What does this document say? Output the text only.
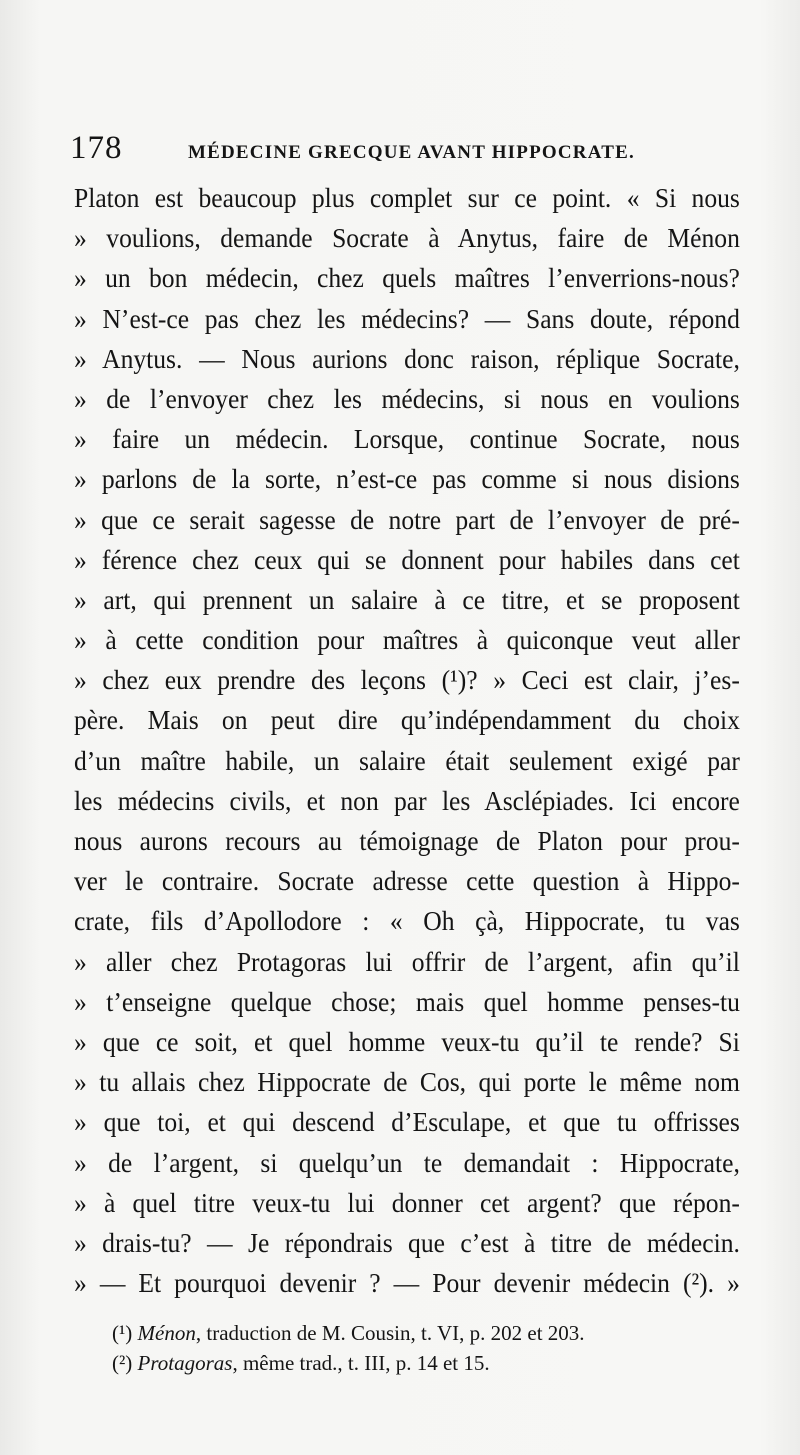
178	MÉDECINE GRECQUE AVANT HIPPOCRATE.
Platon est beaucoup plus complet sur ce point. « Si nous
» voulions, demande Socrate à Anytus, faire de Ménon
» un bon médecin, chez quels maîtres l’enverrions-nous?
» N’est-ce pas chez les médecins? — Sans doute, répond
» Anytus. — Nous aurions donc raison, réplique Socrate,
» de l’envoyer chez les médecins, si nous en voulions
» faire un médecin. Lorsque, continue Socrate, nous
» parlons de la sorte, n’est-ce pas comme si nous disions
» que ce serait sagesse de notre part de l’envoyer de pré-
» férence chez ceux qui se donnent pour habiles dans cet
» art, qui prennent un salaire à ce titre, et se proposent
» à cette condition pour maîtres à quiconque veut aller
» chez eux prendre des leçons (¹)? » Ceci est clair, j’es-
père. Mais on peut dire qu’indépendamment du choix
d’un maître habile, un salaire était seulement exigé par
les médecins civils, et non par les Asclépiades. Ici encore
nous aurons recours au témoignage de Platon pour prou-
ver le contraire. Socrate adresse cette question à Hippo-
crate, fils d’Apollodore : « Oh çà, Hippocrate, tu vas
» aller chez Protagoras lui offrir de l’argent, afin qu’il
» t’enseigne quelque chose; mais quel homme penses-tu
» que ce soit, et quel homme veux-tu qu’il te rende? Si
» tu allais chez Hippocrate de Cos, qui porte le même nom
» que toi, et qui descend d’Esculape, et que tu offrisses
» de l’argent, si quelqu’un te demandait : Hippocrate,
» à quel titre veux-tu lui donner cet argent? que répon-
» drais-tu? — Je répondrais que c’est à titre de médecin.
» — Et pourquoi devenir ? — Pour devenir médecin (²). »
(¹) Ménon, traduction de M. Cousin, t. VI, p. 202 et 203.
(²) Protagoras, même trad., t. III, p. 14 et 15.
